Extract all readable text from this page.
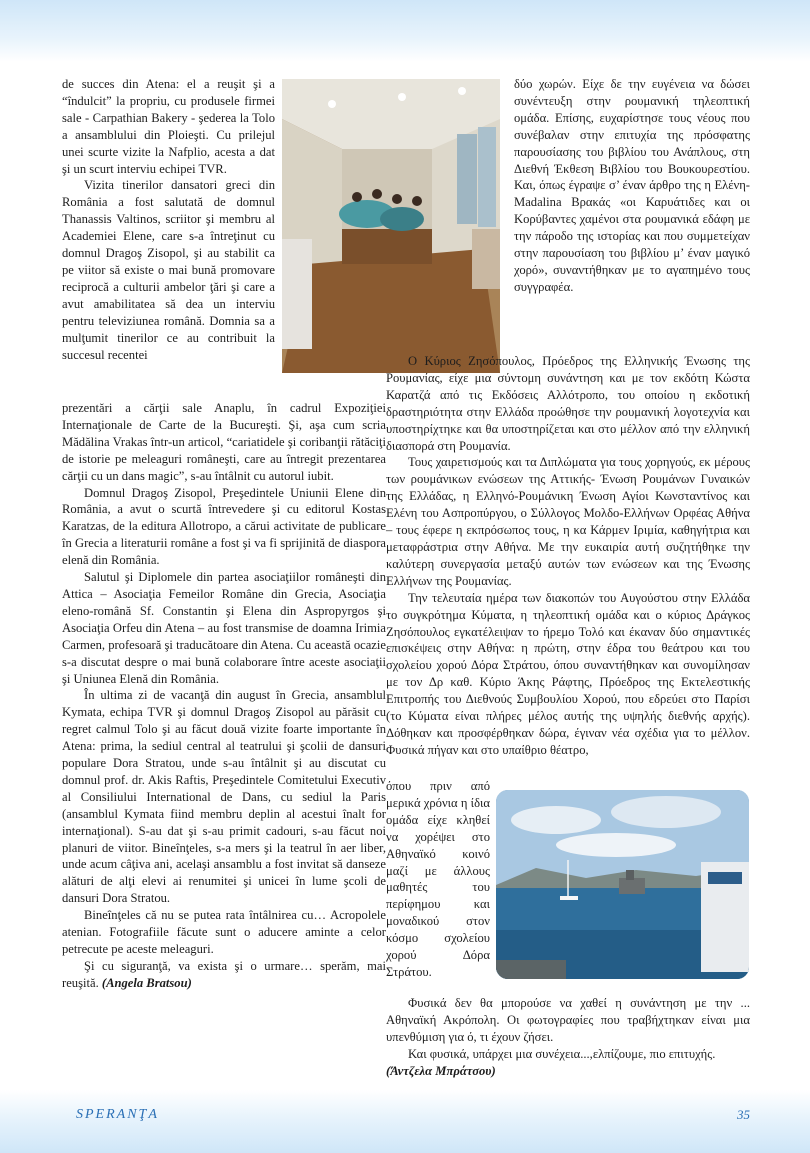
de succes din Atena: el a reuşit şi a “îndulcit” la propriu, cu produsele firmei sale - Carpathian Bakery - şederea la Tolo a ansamblului din Ploieşti. Cu prilejul unei scurte vizite la Nafplio, acesta a dat şi un scurt interviu echipei TVR.

Vizita tinerilor dansatori greci din România a fost salutată de domnul Thanassis Valtinos, scriitor şi membru al Academiei Elene, care s-a întreţinut cu domnul Dragoş Zisopol, şi au stabilit ca pe viitor să existe o mai bună promovare reciprocă a culturii ambelor ţări şi care a avut amabilitatea să dea un interviu pentru televiziunea română. Domnia sa a mulţumit tinerilor ce au contribuit la succesul recentei

prezentări a cărţii sale Anaplu, în cadrul Expoziţiei Internaţionale de Carte de la Bucureşti. Şi, aşa cum scria Mădălina Vrakas într-un articol, “cariatidele şi coribanţii rătăciţi de istorie pe meleaguri româneşti, care au întregit prezentarea cărţii cu un dans magic”, s-au întâlnit cu autorul iubit.

Domnul Dragoş Zisopol, Preşedintele Uniunii Elene din România, a avut o scurtă întrevedere şi cu editorul Kostas Karatzas, de la editura Allotropo, a cărui activitate de publicare în Grecia a literaturii române a fost şi va fi sprijinită de diaspora elenă din România.

Salutul şi Diplomele din partea asociaţiilor româneşti din Attica – Asociaţia Femeilor Române din Grecia, Asociaţia eleno-română Sf. Constantin şi Elena din Aspropyrgos şi Asociaţia Orfeu din Atena – au fost transmise de doamna Irimia Carmen, profesoară şi traducătoare din Atena. Cu această ocazie s-a discutat despre o mai bună colaborare între aceste asociaţii şi Uniunea Elenă din România.

În ultima zi de vacanţă din august în Grecia, ansamblul Kymata, echipa TVR şi domnul Dragoş Zisopol au părăsit cu regret calmul Tolo şi au făcut două vizite foarte importante în Atena: prima, la sediul central al teatrului şi şcolii de dansuri populare Dora Stratou, unde s-au întâlnit şi au discutat cu domnul prof. dr. Akis Raftis, Preşedintele Comitetului Executiv al Consiliului International de Dans, cu sediul la Paris (ansamblul Kymata fiind membru deplin al acestui înalt for internaţional). S-au dat şi s-au primit cadouri, s-au făcut noi planuri de viitor. Bineînţeles, s-a mers şi la teatrul în aer liber, unde acum câţiva ani, acelaşi ansamblu a fost invitat să danseze alături de alţi elevi ai renumitei şi unicei în lume şcoli de dansuri Dora Stratou.

Bineînţeles că nu se putea rata întâlnirea cu… Acropolele atenian. Fotografiile făcute sunt o aducere aminte a celor petrecute pe aceste meleaguri.

Şi cu siguranţă, va exista şi o urmare… sperăm, mai reuşită. (Angela Bratsou)

δύο χωρών. Είχε δε την ευγένεια να δώσει συνέντευξη στην ρουμανική τηλεοπτική ομάδα. Επίσης, ευχαρίστησε τους νέους που συνέβαλαν στην επιτυχία της πρόσφατης παρουσίασης του βιβλίου του Ανάπλους, στη Διεθνή Έκθεση Βιβλίου του Βουκουρεστίου. Και, όπως έγραψε σ’ έναν άρθρο της η Ελένη-Madalina Βρακάς «οι Καρυάτιδες και οι Κορύβαντες χαμένοι στα ρουμανικά εδάφη με την πάροδο της ιστορίας και που συμμετείχαν στην παρουσίαση του βιβλίου μ’ έναν μαγικό χορό», συναντήθηκαν με το αγαπημένο τους συγγραφέα.

Ο Κύριος Ζησόπουλος, Πρόεδρος της Ελληνικής Ένωσης της Ρουμανίας, είχε μια σύντομη συνάντηση και με τον εκδότη Κώστα Καρατζά από τις Εκδόσεις Αλλότροπο, του οποίου η εκδοτική δραστηριότητα στην Ελλάδα προώθησε την ρουμανική λογοτεχνία και υποστηρίχτηκε και θα υποστηρίζεται και στο μέλλον από την ελληνική διασπορά στη Ρουμανία.

Τους χαιρετισμούς και τα Διπλώματα για τους χορηγούς, εκ μέρους των ρουμάνικων ενώσεων της Αττικής- Ένωση Ρουμάνων Γυναικών της Ελλάδας, η Ελληνό-Ρουμάνικη Ένωση Αγίοι Κωνσταντίνος και Ελένη του Ασπροπύργου, ο Σύλλογος Μολδο-Ελλήνων Ορφέας Αθήνα – τους έφερε η εκπρόσωπος τους, η κα Κάρμεν Ιριμία, καθηγήτρια και μεταφράστρια στην Αθήνα. Με την ευκαιρία αυτή συζητήθηκε την καλύτερη συνεργασία μεταξύ αυτών των ενώσεων και της Ένωσης Ελλήνων της Ρουμανίας.

Την τελευταία ημέρα των διακοπών του Αυγούστου στην Ελλάδα το συγκρότημα Κύματα, η τηλεοπτική ομάδα και ο κύριος Δράγκος Ζησόπουλος εγκατέλειψαν το ήρεμο Τολό και έκαναν δύο σημαντικές επισκέψεις στην Αθήνα: η πρώτη, στην έδρα του θεάτρου και του σχολείου χορού Δόρα Στράτου, όπου συναντήθηκαν και συνομίλησαν με τον Δρ καθ. Κύριο Άκης Ράφτης, Πρόεδρος της Εκτελεστικής Επιτροπής του Διεθνούς Συμβουλίου Χορού, που εδρεύει στο Παρίσι (το Κύματα είναι πλήρες μέλος αυτής της υψηλής διεθνής αρχής). Δόθηκαν και προσφέρθηκαν δώρα, έγιναν νέα σχέδια για το μέλλον. Φυσικά πήγαν και στο υπαίθριο θέατρο,

όπου πριν από μερικά χρόνια η ίδια ομάδα είχε κληθεί να χορέψει στο Αθηναϊκό κοινό μαζί με άλλους μαθητές του περίφημου και μοναδικού στον κόσμο σχολείου χορού Δόρα Στράτου.

Φυσικά δεν θα μπορούσε να χαθεί η συνάντηση με την ... Αθηναϊκή Ακρόπολη. Οι φωτογραφίες που τραβήχτηκαν είναι μια υπενθύμιση για ό, τι έχουν ζήσει.

Και φυσικά, υπάρχει μια συνέχεια...,ελπίζουμε, πιο επιτυχής.

(Άντζελα Μπράτσου)

SPERANŢA	35
